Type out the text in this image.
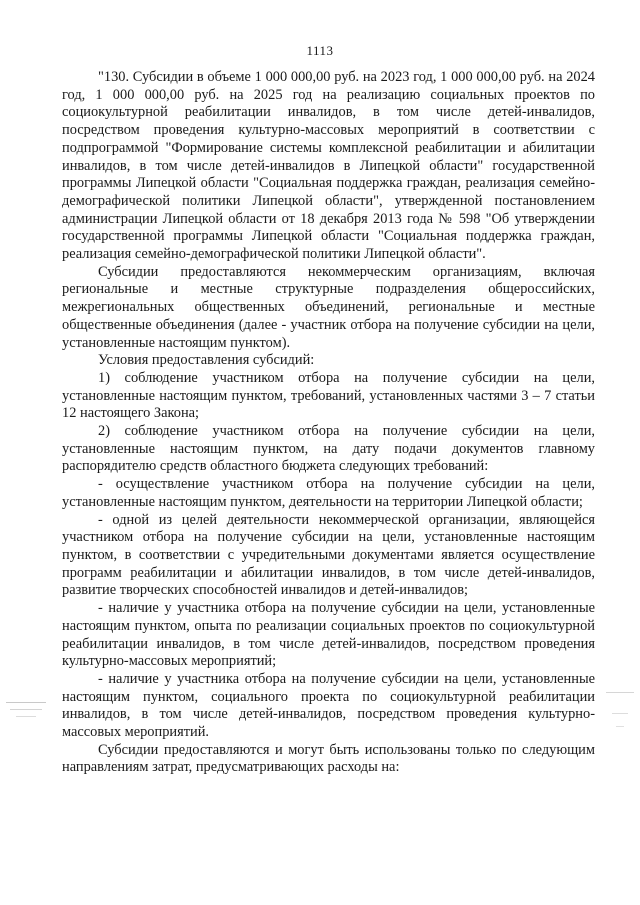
1113

"130. Субсидии в объеме 1 000 000,00 руб. на 2023 год, 1 000 000,00 руб. на 2024 год, 1 000 000,00 руб. на 2025 год на реализацию социальных проектов по социокультурной реабилитации инвалидов, в том числе детей-инвалидов, посредством проведения культурно-массовых мероприятий в соответствии с подпрограммой "Формирование системы комплексной реабилитации и абилитации инвалидов, в том числе детей-инвалидов в Липецкой области" государственной программы Липецкой области "Социальная поддержка граждан, реализация семейно-демографической политики Липецкой области", утвержденной постановлением администрации Липецкой области от 18 декабря 2013 года № 598 "Об утверждении государственной программы Липецкой области "Социальная поддержка граждан, реализация семейно-демографической политики Липецкой области".

Субсидии предоставляются некоммерческим организациям, включая региональные и местные структурные подразделения общероссийских, межрегиональных общественных объединений, региональные и местные общественные объединения (далее - участник отбора на получение субсидии на цели, установленные настоящим пунктом).

Условия предоставления субсидий:

1) соблюдение участником отбора на получение субсидии на цели, установленные настоящим пунктом, требований, установленных частями 3 – 7 статьи 12 настоящего Закона;

2) соблюдение участником отбора на получение субсидии на цели, установленные настоящим пунктом, на дату подачи документов главному распорядителю средств областного бюджета следующих требований:

- осуществление участником отбора на получение субсидии на цели, установленные настоящим пунктом, деятельности на территории Липецкой области;

- одной из целей деятельности некоммерческой организации, являющейся участником отбора на получение субсидии на цели, установленные настоящим пунктом, в соответствии с учредительными документами является осуществление программ реабилитации и абилитации инвалидов, в том числе детей-инвалидов, развитие творческих способностей инвалидов и детей-инвалидов;

- наличие у участника отбора на получение субсидии на цели, установленные настоящим пунктом, опыта по реализации социальных проектов по социокультурной реабилитации инвалидов, в том числе детей-инвалидов, посредством проведения культурно-массовых мероприятий;

- наличие у участника отбора на получение субсидии на цели, установленные настоящим пунктом, социального проекта по социокультурной реабилитации инвалидов, в том числе детей-инвалидов, посредством проведения культурно-массовых мероприятий.

Субсидии предоставляются и могут быть использованы только по следующим направлениям затрат, предусматривающих расходы на:
